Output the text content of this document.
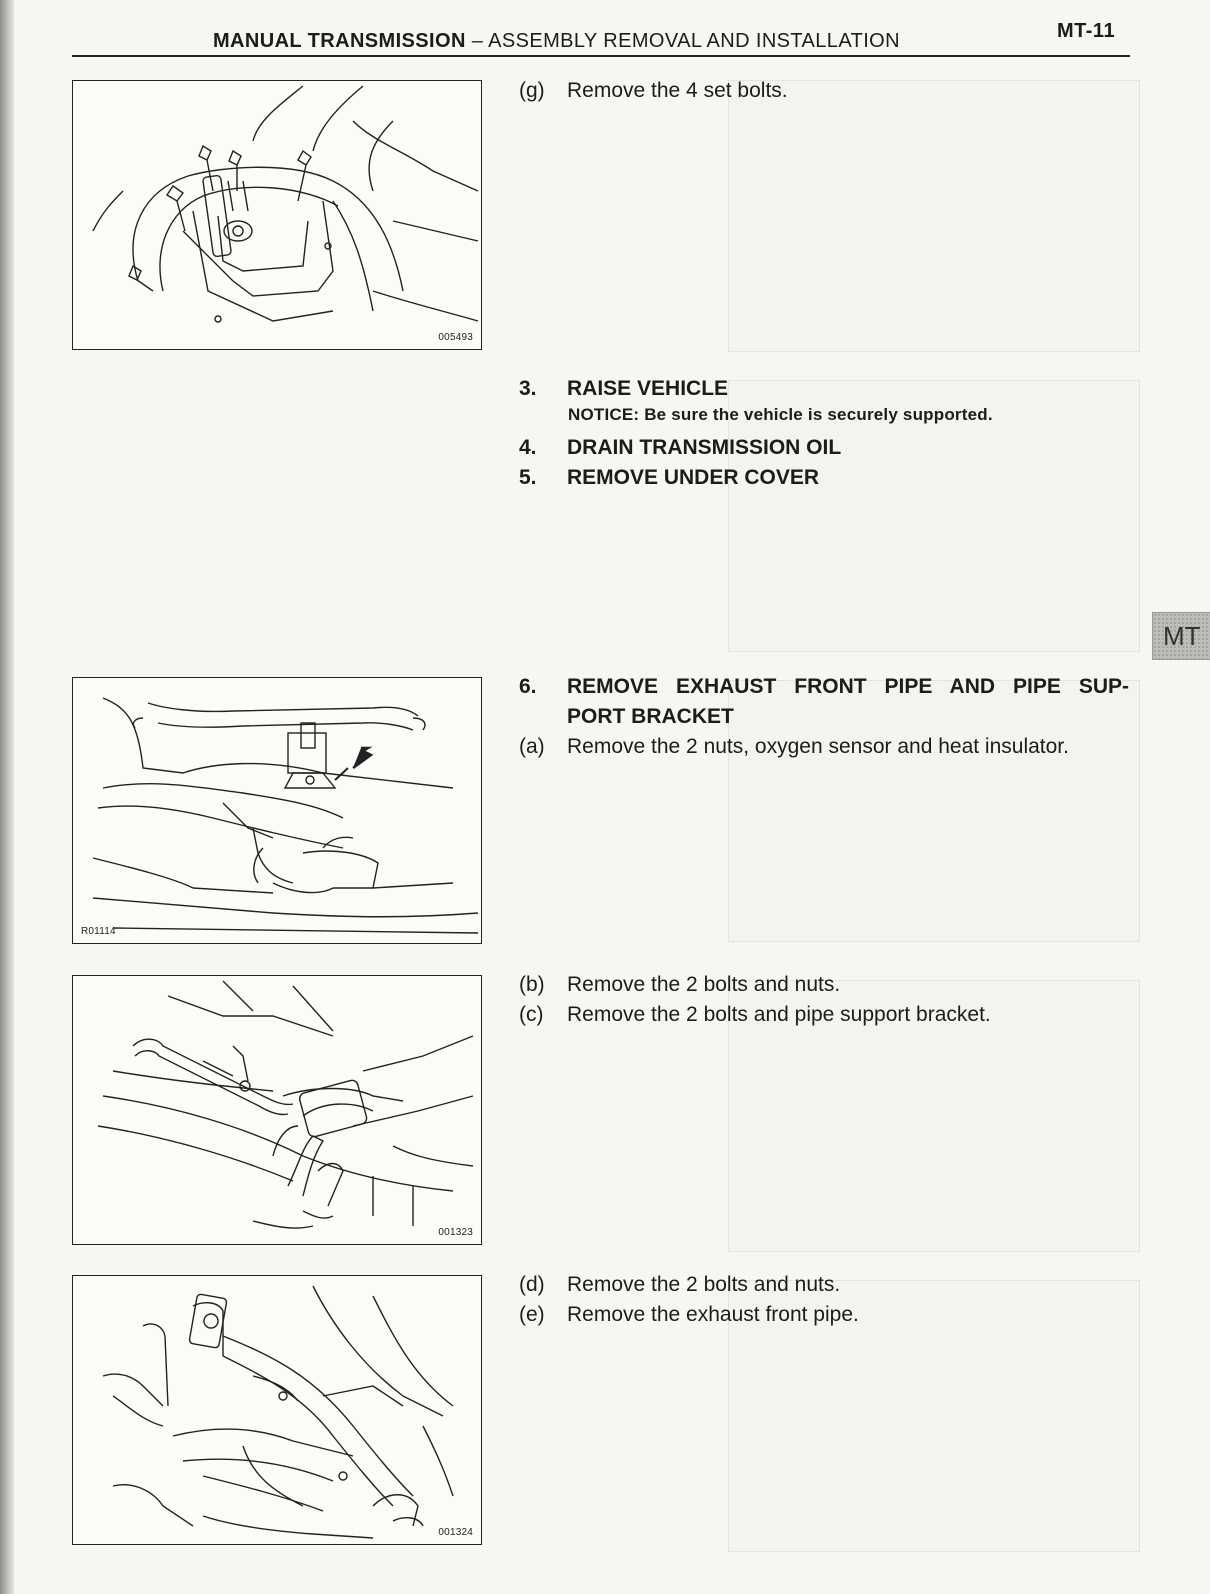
MANUAL TRANSMISSION – ASSEMBLY REMOVAL AND INSTALLATION	MT-11
MT
005493
R01114
001323
001324
(g) Remove the 4 set bolts.
3. RAISE VEHICLE
NOTICE: Be sure the vehicle is securely supported.
4. DRAIN TRANSMISSION OIL
5. REMOVE UNDER COVER
6. REMOVE EXHAUST FRONT PIPE AND PIPE SUP-
PORT BRACKET
(a) Remove the 2 nuts, oxygen sensor and heat insulator.
(b) Remove the 2 bolts and nuts.
(c) Remove the 2 bolts and pipe support bracket.
(d) Remove the 2 bolts and nuts.
(e) Remove the exhaust front pipe.
